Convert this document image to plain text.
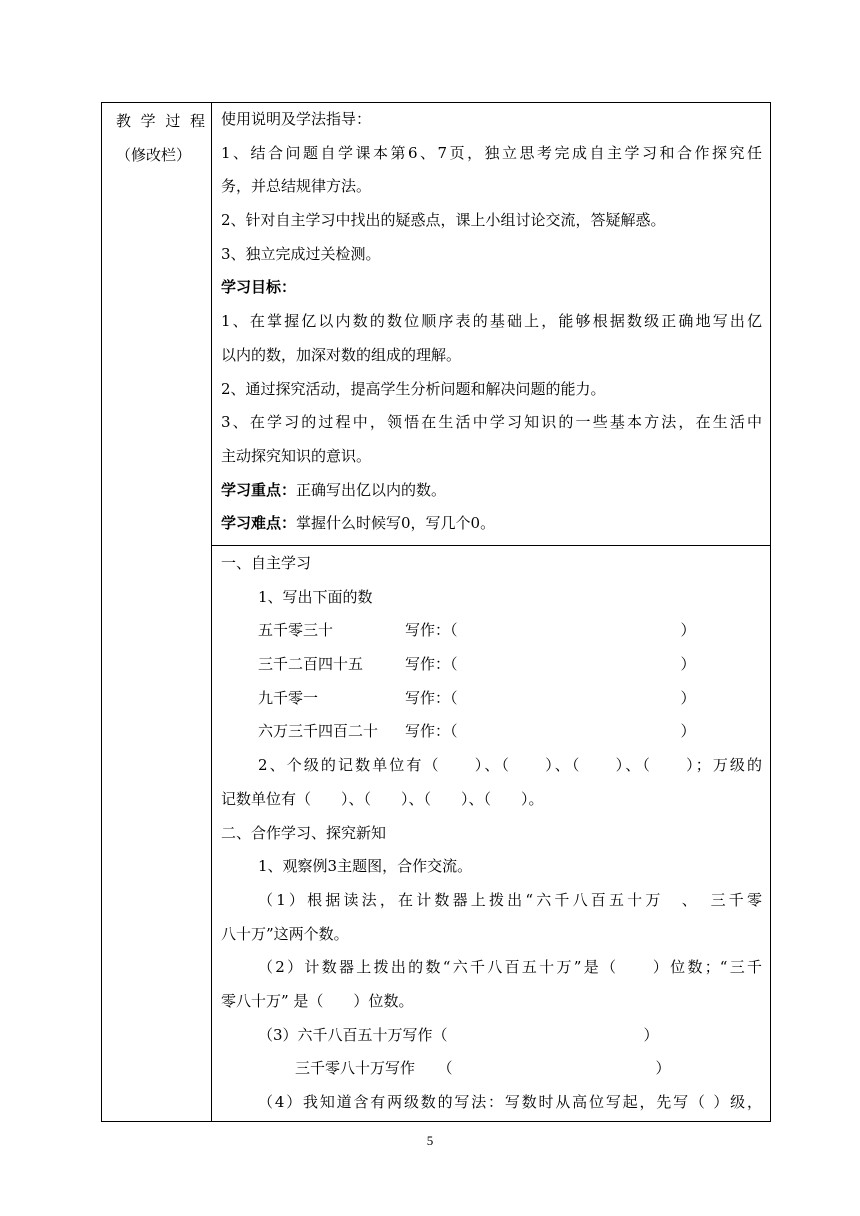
教学过程
（修改栏）

使用说明及学法指导：
1、结合问题自学课本第6、7页，独立思考完成自主学习和合作探究任
务，并总结规律方法。
2、针对自主学习中找出的疑惑点，课上小组讨论交流，答疑解惑。
3、独立完成过关检测。
学习目标：
1、在掌握亿以内数的数位顺序表的基础上，能够根据数级正确地写出亿
以内的数，加深对数的组成的理解。
2、通过探究活动，提高学生分析问题和解决问题的能力。
3、在学习的过程中，领悟在生活中学习知识的一些基本方法，在生活中
主动探究知识的意识。
学习重点：正确写出亿以内的数。
学习难点：掌握什么时候写0，写几个0。

一、自主学习
1、写出下面的数
五千零三十	写作：（	）
三千二百四十五	写作：（	）
九千零一	写作：（	）
六万三千四百二十	写作：（	）
2、个级的记数单位有（　　）、（　　）、（　　）、（　　）；万级的
记数单位有（　　）、（　　）、（　　）、（　　）。
二、合作学习、探究新知
1、观察例3主题图，合作交流。
（1）根据读法，在计数器上拨出“六千八百五十万　、　三千零
八十万”这两个数。
（2）计数器上拨出的数“六千八百五十万”是（　　）位数；“三千
零八十万” 是（　　）位数。
（3）六千八百五十万写作（	）
三千零八十万写作　　（	）
（4）我知道含有两级数的写法：写数时从高位写起，先写（ ）级，
5
